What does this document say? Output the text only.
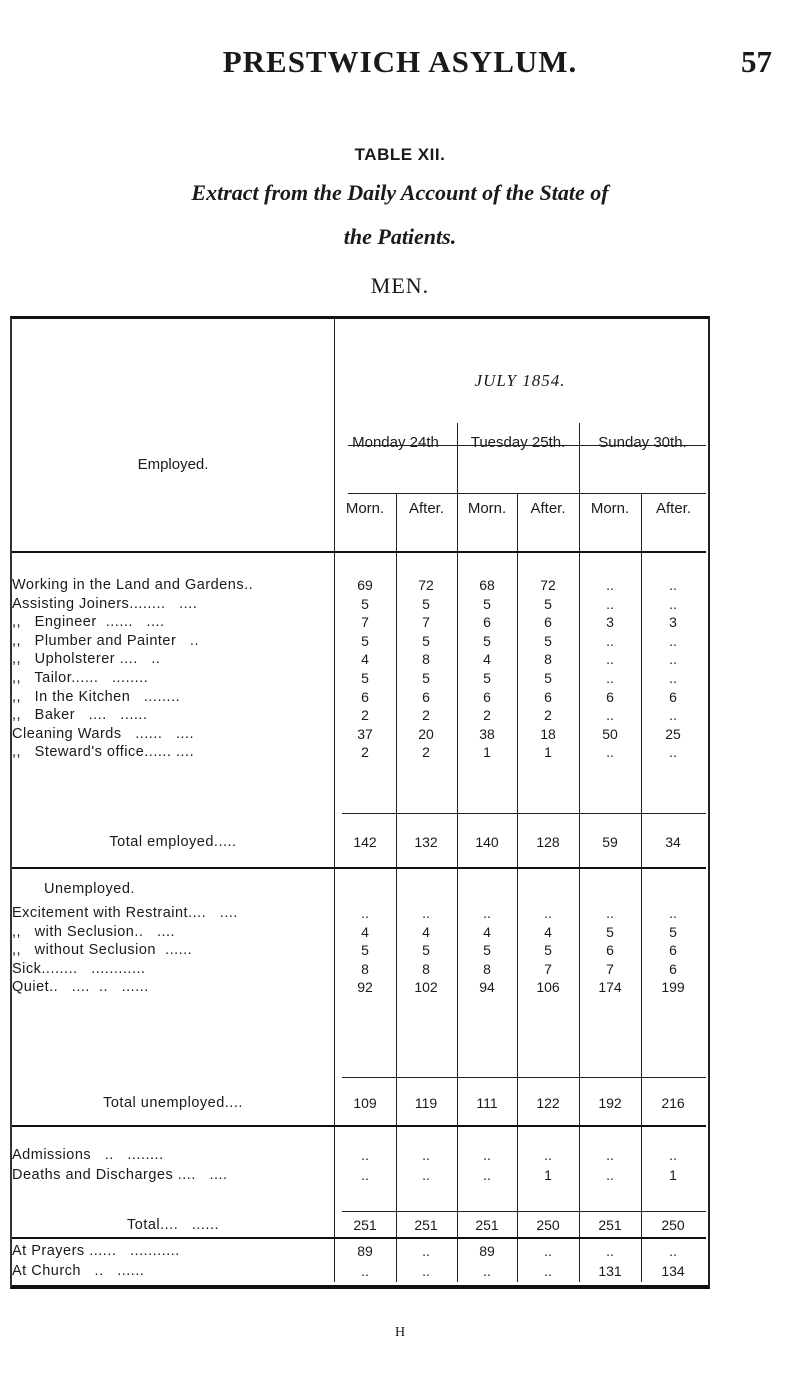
PRESTWICH ASYLUM.	57
TABLE XII.
Extract from the Daily Account of the State of
the Patients.
MEN.
Employed.
JULY 1854.
Monday 24th	Tuesday 25th.	Sunday 30th.
Morn.	After.	Morn.	After.	Morn.	After.
Unemployed.
Working in the Land and Gardens..	69	72	68	72	..	..
Assisting Joiners........   ....	5	5	5	5	..	..
,,   Engineer  ......   ....	7	7	6	6	3	3
,,   Plumber and Painter   ..	5	5	5	5	..	..
,,   Upholsterer ....   ..	4	8	4	8	..	..
,,   Tailor......   ........	5	5	5	5	..	..
,,   In the Kitchen   ........	6	6	6	6	6	6
,,   Baker   ....   ......	2	2	2	2	..	..
Cleaning Wards   ......   ....	37	20	38	18	50	25
,,   Steward's office...... ....	2	2	1	1	..	..
Total employed.....	142	132	140	128	59	34
Excitement with Restraint....   ....	..	..	..	..	..	..
,,   with Seclusion..   ....	4	4	4	4	5	5
,,   without Seclusion  ......	5	5	5	5	6	6
Sick........   ............	8	8	8	7	7	6
Quiet..   ....  ..   ......	92	102	94	106	174	199
Total unemployed....	109	119	111	122	192	216
Admissions   ..   ........	..	..	..	..	..	..
Deaths and Discharges ....   ....	..	..	..	1	..	1
Total....   ......	251	251	251	250	251	250
At Prayers ......   ...........	89	..	89	..	..	..
At Church   ..   ......	..	..	..	..	131	134
H
